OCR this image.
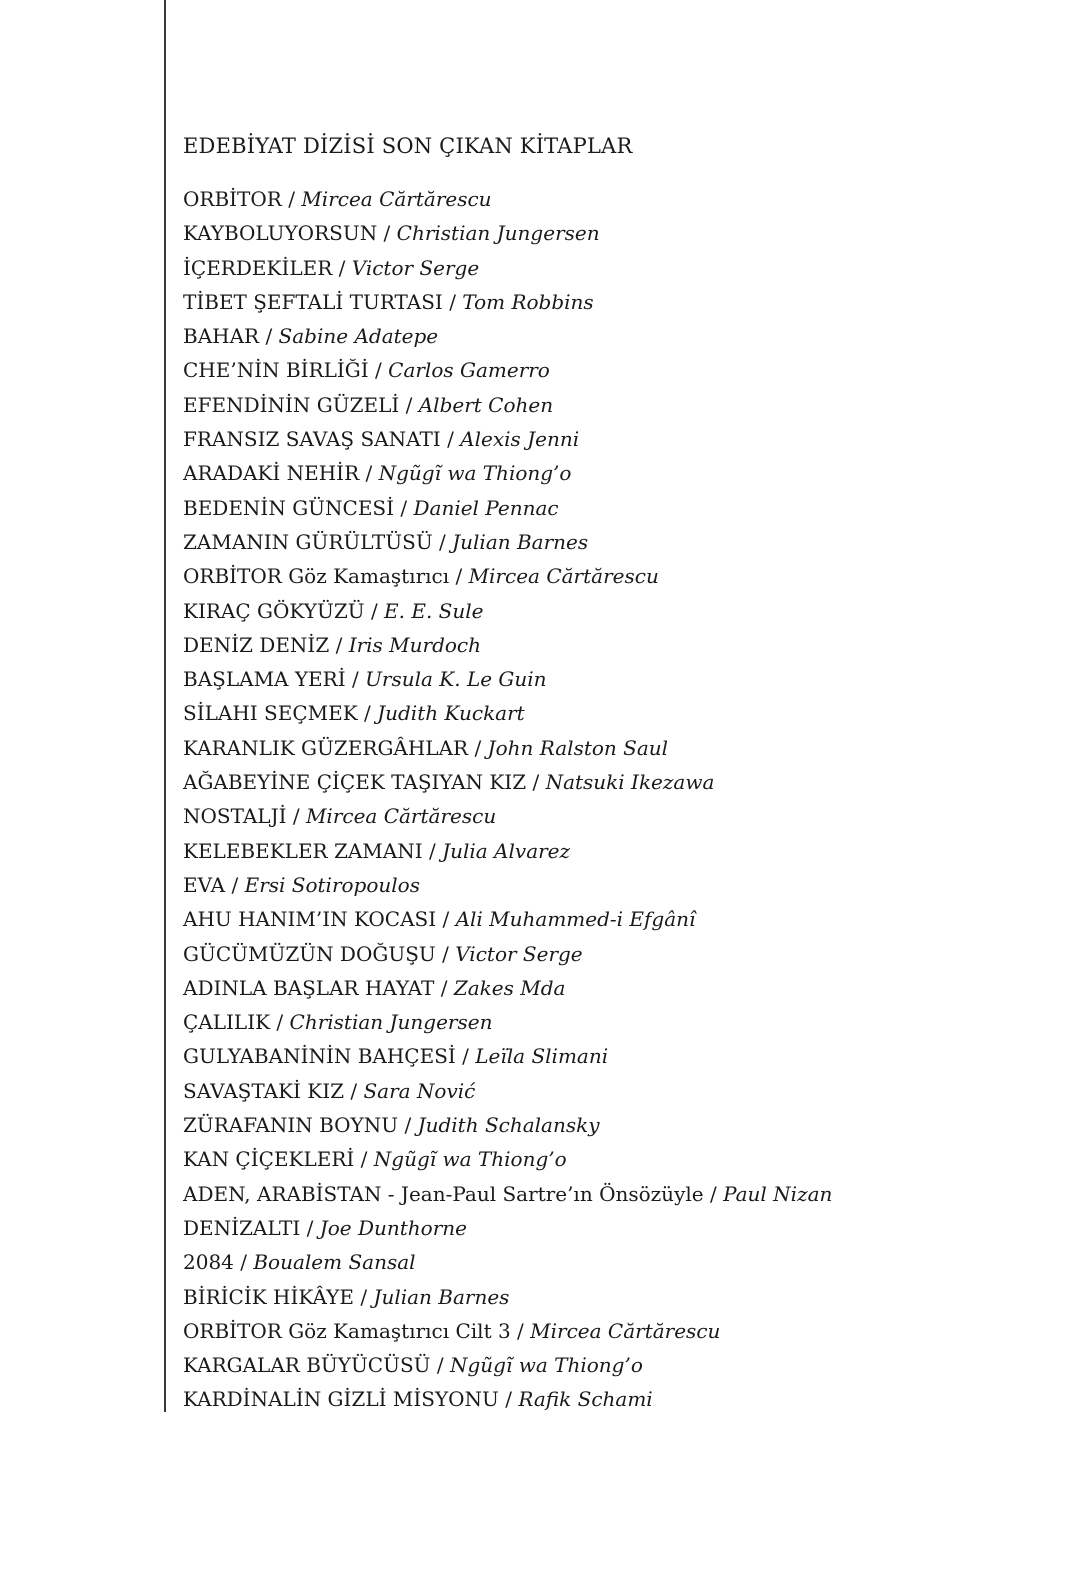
EDEBİYAT DİZİSİ SON ÇIKAN KİTAPLAR
ORBİTOR / Mircea Cărtărescu
KAYBOLUYORSUN / Christian Jungersen
İÇERDEKİLER / Victor Serge
TİBET ŞEFTALİ TURTASI / Tom Robbins
BAHAR / Sabine Adatepe
CHE’NİN BİRLİĞİ / Carlos Gamerro
EFENDİNİN GÜZELİ / Albert Cohen
FRANSIZ SAVAŞ SANATI / Alexis Jenni
ARADAKİ NEHİR / Ngũgĩ wa Thiong’o
BEDENİN GÜNCESİ / Daniel Pennac
ZAMANIN GÜRÜLTÜSÜ / Julian Barnes
ORBİTOR Göz Kamaştırıcı / Mircea Cărtărescu
KIRAÇ GÖKYÜZÜ / E. E. Sule
DENİZ DENİZ / Iris Murdoch
BAŞLAMA YERİ / Ursula K. Le Guin
SİLAHI SEÇMEK / Judith Kuckart
KARANLIK GÜZERGÂHLAR / John Ralston Saul
AĞABEYİNE ÇİÇEK TAŞIYAN KIZ / Natsuki Ikezawa
NOSTALJİ / Mircea Cărtărescu
KELEBEKLER ZAMANI / Julia Alvarez
EVA / Ersi Sotiropoulos
AHU HANIM’IN KOCASI / Ali Muhammed-i Efgânî
GÜCÜMÜZÜN DOĞUŞU / Victor Serge
ADINLA BAŞLAR HAYAT / Zakes Mda
ÇALILIK / Christian Jungersen
GULYABANİNİN BAHÇESİ / Leïla Slimani
SAVAŞTAKİ KIZ / Sara Nović
ZÜRAFANIN BOYNU / Judith Schalansky
KAN ÇİÇEKLERİ / Ngũgĩ wa Thiong’o
ADEN, ARABİSTAN - Jean-Paul Sartre’ın Önsözüyle / Paul Nizan
DENİZALTI / Joe Dunthorne
2084 / Boualem Sansal
BİRİCİK HİKÂYE / Julian Barnes
ORBİTOR Göz Kamaştırıcı Cilt 3 / Mircea Cărtărescu
KARGALAR BÜYÜCÜSÜ / Ngũgĩ wa Thiong’o
KARDİNALİN GİZLİ MİSYONU / Rafik Schami
